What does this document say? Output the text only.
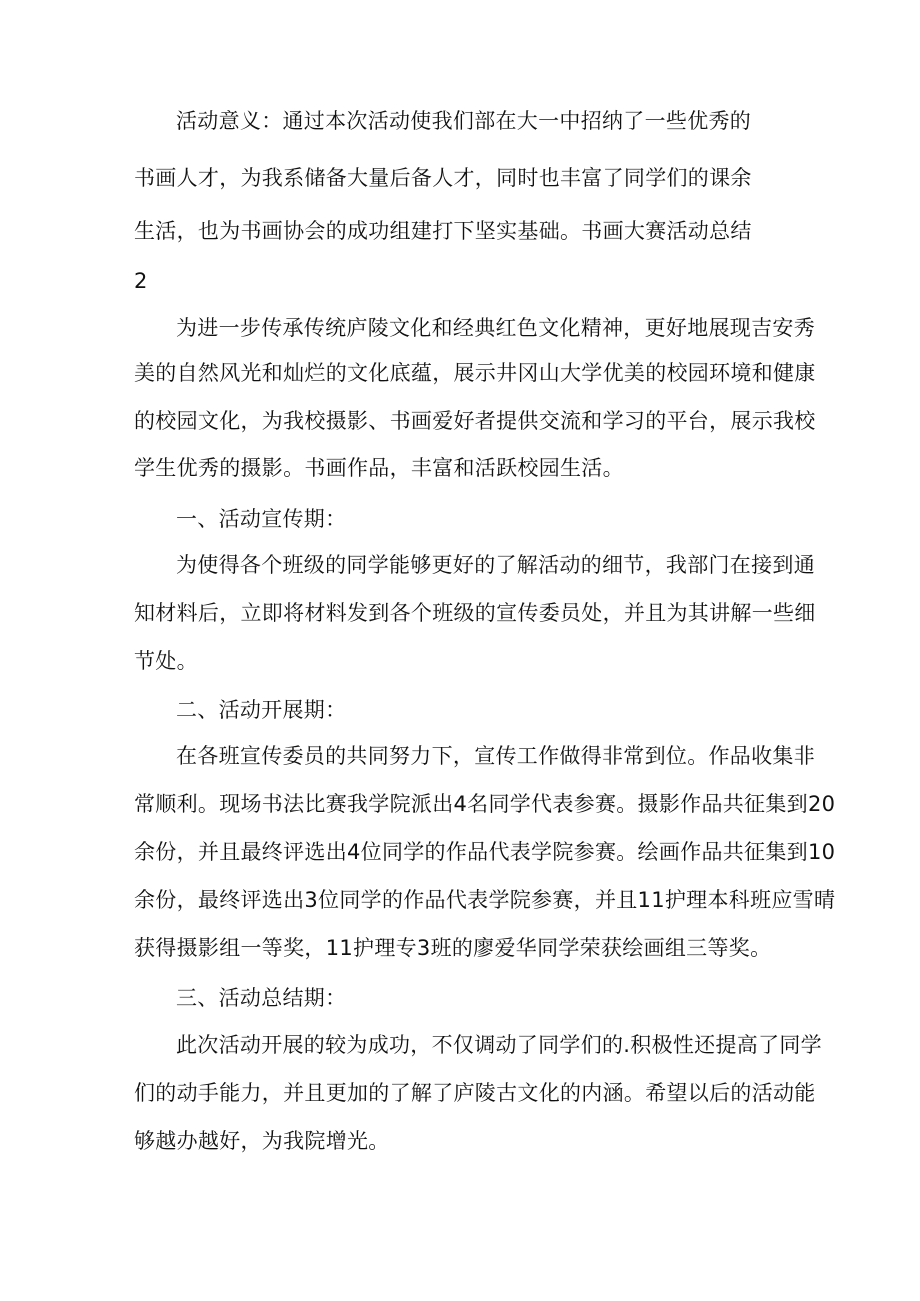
活动意义：通过本次活动使我们部在大一中招纳了一些优秀的
书画人才，为我系储备大量后备人才，同时也丰富了同学们的课余
生活，也为书画协会的成功组建打下坚实基础。书画大赛活动总结
2
为进一步传承传统庐陵文化和经典红色文化精神，更好地展现吉安秀
美的自然风光和灿烂的文化底蕴，展示井冈山大学优美的校园环境和健康
的校园文化，为我校摄影、书画爱好者提供交流和学习的平台，展示我校
学生优秀的摄影。书画作品，丰富和活跃校园生活。
一、活动宣传期：
为使得各个班级的同学能够更好的了解活动的细节，我部门在接到通
知材料后，立即将材料发到各个班级的宣传委员处，并且为其讲解一些细
节处。
二、活动开展期：
在各班宣传委员的共同努力下，宣传工作做得非常到位。作品收集非
常顺利。现场书法比赛我学院派出4名同学代表参赛。摄影作品共征集到20
余份，并且最终评选出4位同学的作品代表学院参赛。绘画作品共征集到10
余份，最终评选出3位同学的作品代表学院参赛，并且11护理本科班应雪晴
获得摄影组一等奖，11护理专3班的廖爱华同学荣获绘画组三等奖。
三、活动总结期：
此次活动开展的较为成功，不仅调动了同学们的.积极性还提高了同学
们的动手能力，并且更加的了解了庐陵古文化的内涵。希望以后的活动能
够越办越好，为我院增光。
